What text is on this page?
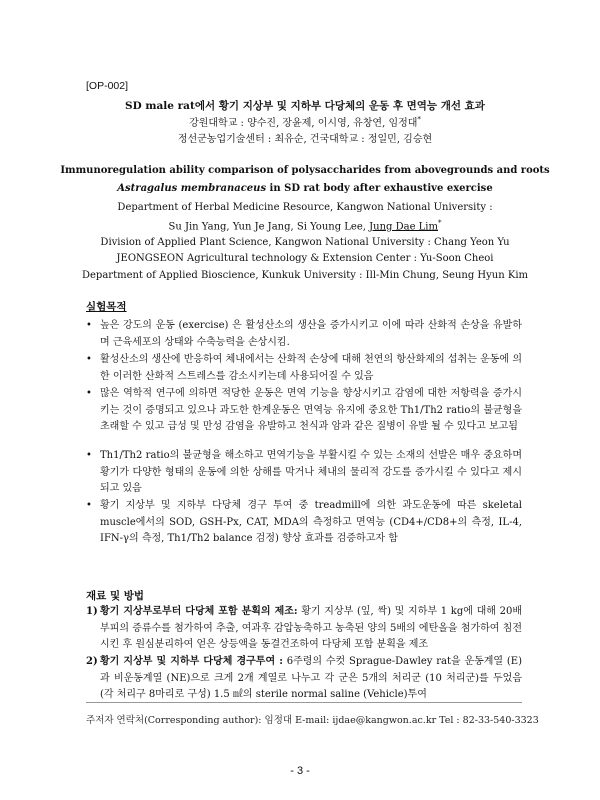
[OP-002]
SD male rat에서 황기 지상부 및 지하부 다당체의 운동 후 면역능 개선 효과
강원대학교 : 양수진, 장윤제, 이시영, 유창연, 임정대*
정선군농업기술센터 : 최유순, 건국대학교 : 정일민, 김승현
Immunoregulation ability comparison of polysaccharides from abovegrounds and roots
Astragalus membranaceus in SD rat body after exhaustive exercise
Department of Herbal Medicine Resource, Kangwon National University :
Su Jin Yang, Yun Je Jang, Si Young Lee, Jung Dae Lim*
Division of Applied Plant Science, Kangwon National University : Chang Yeon Yu
JEONGSEON Agricultural technology & Extension Center : Yu-Soon Cheoi
Department of Applied Bioscience, Kunkuk University : Ill-Min Chung, Seung Hyun Kim
실험목적
• 높은 강도의 운동 (exercise) 은 활성산소의 생산을 증가시키고 이에 따라 산화적 손상을 유발하며 근육세포의 상태와 수축능력을 손상시킴.
• 활성산소의 생산에 반응하여 체내에서는 산화적 손상에 대해 천연의 항산화제의 섭취는 운동에 의한 이러한 산화적 스트레스를 감소시키는데 사용되어질 수 있음
• 많은 역학적 연구에 의하면 적당한 운동은 면역 기능을 향상시키고 감염에 대한 저항력을 증가시키는 것이 증명되고 있으나 과도한 한계운동은 면역능 유지에 중요한 Th1/Th2 ratio의 불균형을 초래할 수 있고 급성 및 만성 감염을 유발하고 천식과 암과 같은 질병이 유발 될 수 있다고 보고됨
• Th1/Th2 ratio의 불균형을 해소하고 면역기능을 부활시킬 수 있는 소재의 선발은 매우 중요하며 황기가 다양한 형태의 운동에 의한 상해를 막거나 체내의 물리적 강도를 증가시킬 수 있다고 제시되고 있음
• 황기 지상부 및 지하부 다당체 경구 투여 중 treadmill에 의한 과도운동에 따른 skeletal muscle에서의 SOD, GSH-Px, CAT, MDA의 측정하고 면역능 (CD4+/CD8+의 측정, IL-4, IFN-γ의 측정, Th1/Th2 balance 검정) 향상 효과를 검증하고자 함
재료 및 방법
1) 황기 지상부로부터 다당체 포함 분획의 제조: 황기 지상부 (잎, 싹) 및 지하부 1 kg에 대해 20배 부피의 증류수를 첨가하여 추출, 여과후 감압농축하고 농축된 양의 5배의 에탄올을 첨가하여 침전시킨 후 원심분리하여 얻은 상등액을 동결건조하여 다당체 포함 분획을 제조
2) 황기 지상부 및 지하부 다당체 경구투여 : 6주령의 수컷 Sprague-Dawley rat을 운동계열 (E)과 비운동계열 (NE)으로 크게 2개 계열로 나누고 각 군은 5개의 처리군 (10 처리군)를 두었음 (각 처리구 8마리로 구성) 1.5 ㎖의 sterile normal saline (Vehicle)투여
주저자 연락처(Corresponding author): 임정대 E-mail: ijdae@kangwon.ac.kr Tel : 82-33-540-3323
- 3 -
